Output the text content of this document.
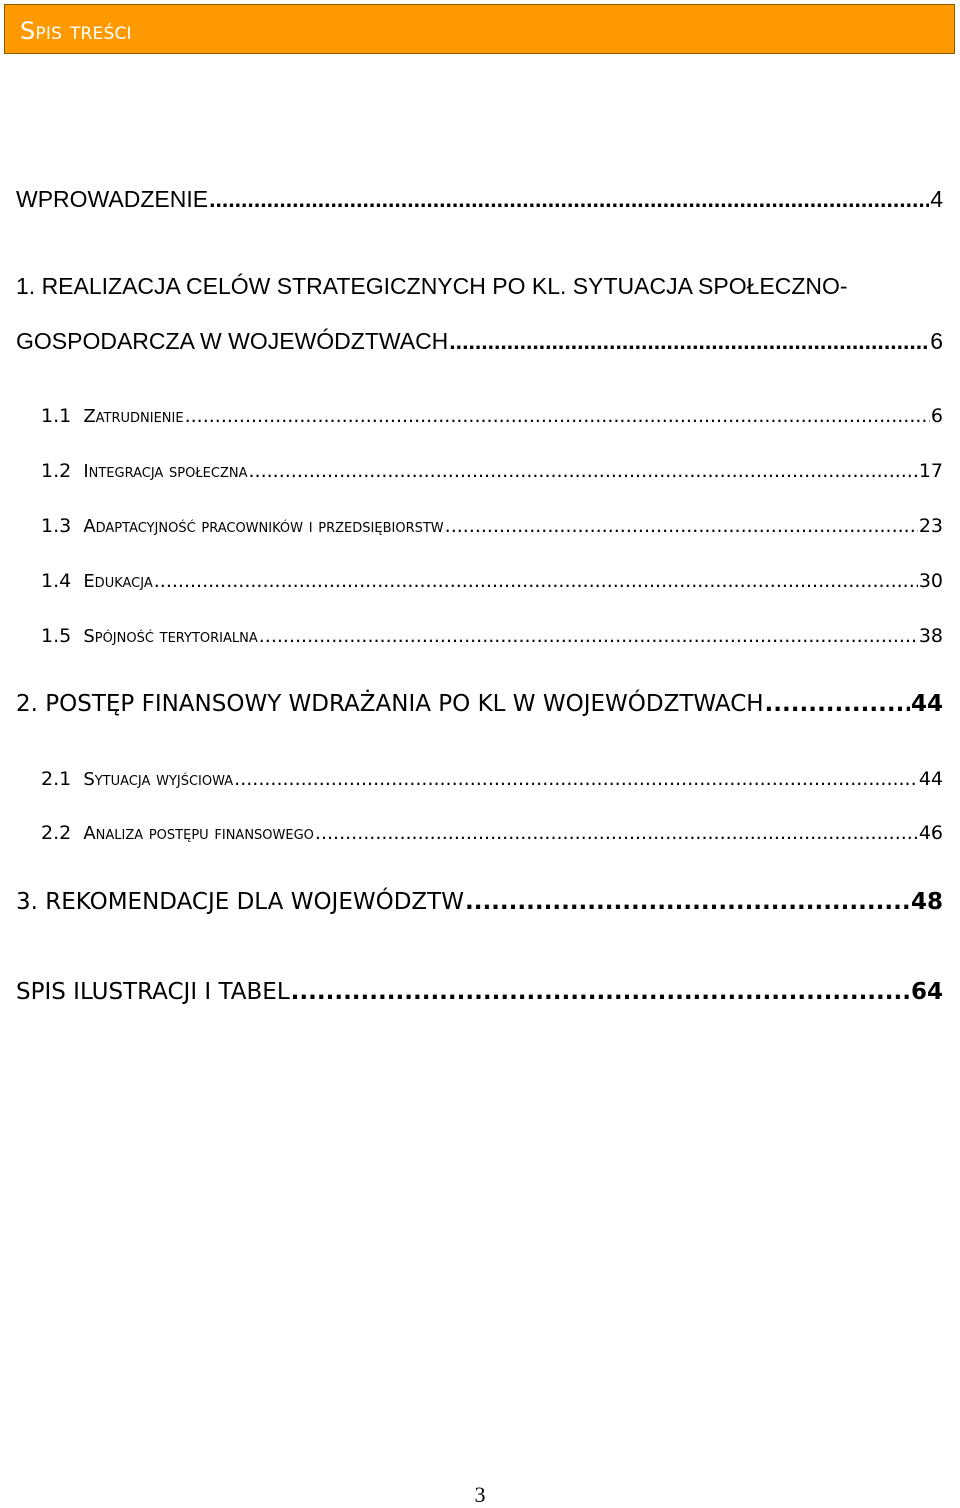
Spis treści
WPROWADZENIE .....	4
1. REALIZACJA CELÓW STRATEGICZNYCH PO KL. SYTUACJA SPOŁECZNO-
GOSPODARCZA W WOJEWÓDZTWACH .....	6
1.1 Zatrudnienie .....	6
1.2 Integracja społeczna .....	17
1.3 Adaptacyjność pracowników i przedsiębiorstw .....	23
1.4 Edukacja .....	30
1.5 Spójność terytorialna .....	38
2. POSTĘP FINANSOWY WDRAŻANIA PO KL W WOJEWÓDZTWACH .....	44
2.1 Sytuacja wyjściowa .....	44
2.2 Analiza postępu finansowego .....	46
3. REKOMENDACJE DLA WOJEWÓDZTW .....	48
SPIS ILUSTRACJI I TABEL .....	64
3
